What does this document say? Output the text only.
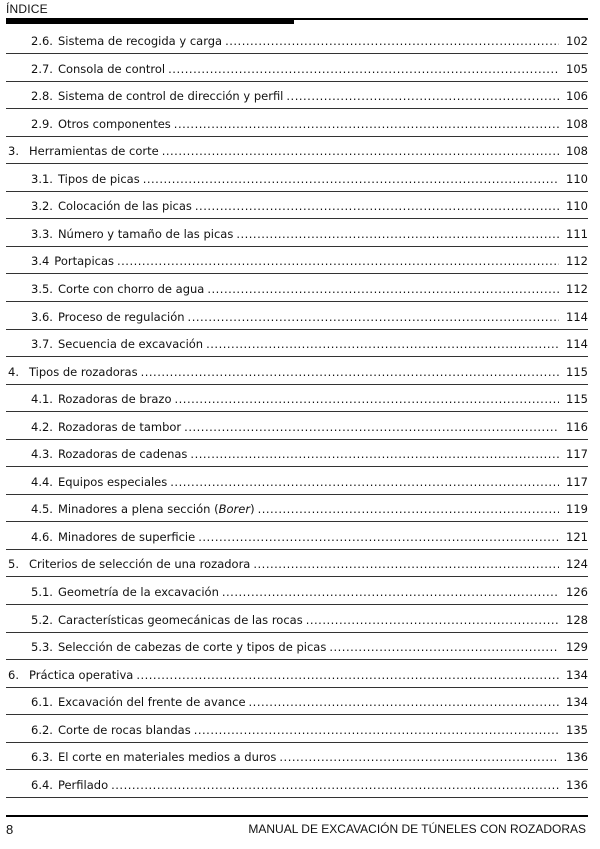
ÍNDICE
2.6. Sistema de recogida y carga .....	102
2.7. Consola de control .....	105
2.8. Sistema de control de dirección y perfil .....	106
2.9. Otros componentes .....	108
3. Herramientas de corte .....	108
3.1. Tipos de picas .....	110
3.2. Colocación de las picas .....	110
3.3. Número y tamaño de las picas .....	111
3.4 Portapicas .....	112
3.5. Corte con chorro de agua .....	112
3.6. Proceso de regulación .....	114
3.7. Secuencia de excavación .....	114
4. Tipos de rozadoras .....	115
4.1. Rozadoras de brazo .....	115
4.2. Rozadoras de tambor .....	116
4.3. Rozadoras de cadenas .....	117
4.4. Equipos especiales .....	117
4.5. Minadores a plena sección (Borer) .....	119
4.6. Minadores de superficie .....	121
5. Criterios de selección de una rozadora .....	124
5.1. Geometría de la excavación .....	126
5.2. Características geomecánicas de las rocas .....	128
5.3. Selección de cabezas de corte y tipos de picas .....	129
6. Práctica operativa .....	134
6.1. Excavación del frente de avance .....	134
6.2. Corte de rocas blandas .....	135
6.3. El corte en materiales medios a duros .....	136
6.4. Perfilado .....	136
8	MANUAL DE EXCAVACIÓN DE TÚNELES CON ROZADORAS
